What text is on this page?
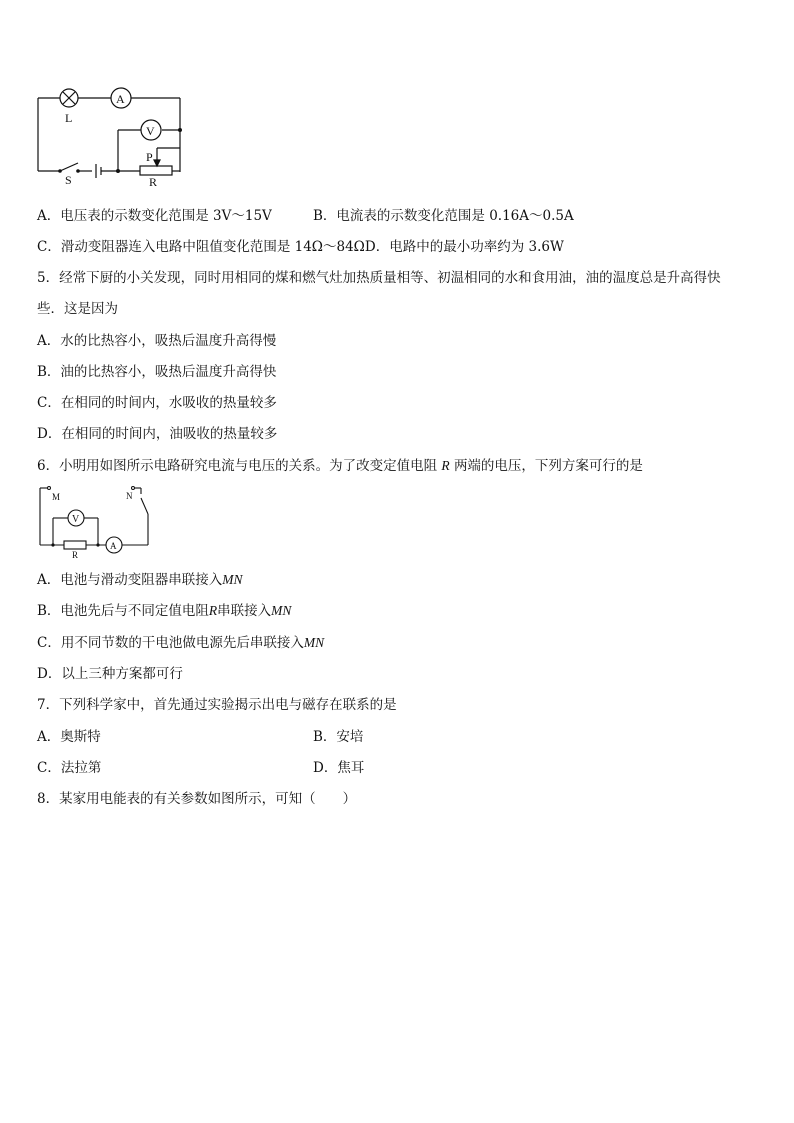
L
A
V
P
R
S
A．电压表的示数变化范围是 3V～15V	B．电流表的示数变化范围是 0.16A～0.5A
C．滑动变阻器连入电路中阻值变化范围是 14Ω～84ΩD．电路中的最小功率约为 3.6W
5．经常下厨的小关发现，同时用相同的煤和燃气灶加热质量相等、初温相同的水和食用油，油的温度总是升高得快
些．这是因为
A．水的比热容小，吸热后温度升高得慢
B．油的比热容小，吸热后温度升高得快
C．在相同的时间内，水吸收的热量较多
D．在相同的时间内，油吸收的热量较多
6．小明用如图所示电路研究电流与电压的关系。为了改变定值电阻 R 两端的电压，下列方案可行的是
M	N
V
A
R
A．电池与滑动变阻器串联接入MN
B．电池先后与不同定值电阻R串联接入MN
C．用不同节数的干电池做电源先后串联接入MN
D．以上三种方案都可行
7．下列科学家中，首先通过实验揭示出电与磁存在联系的是
A．奥斯特	B．安培
C．法拉第	D．焦耳
8．某家用电能表的有关参数如图所示，可知（　　）
